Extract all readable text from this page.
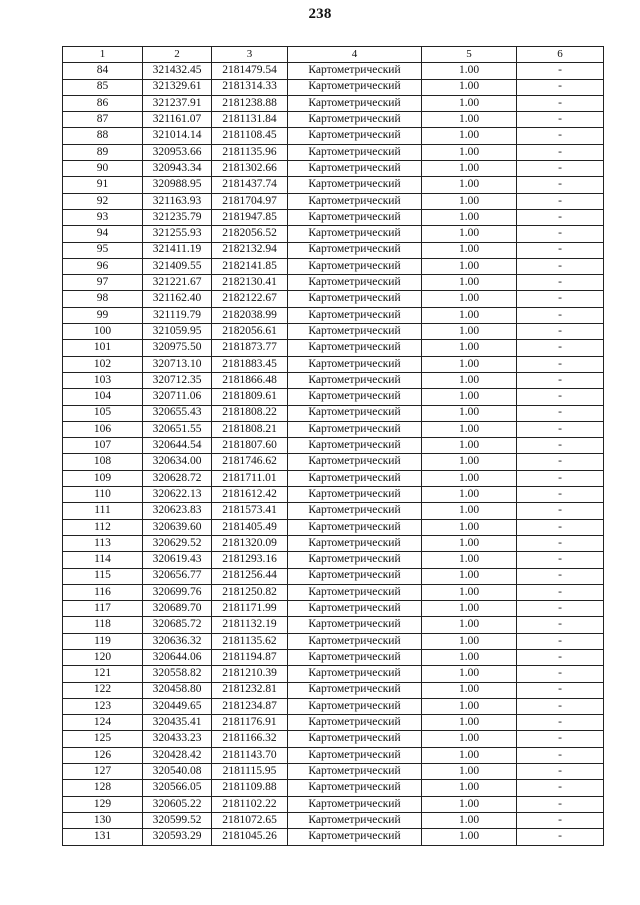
238
1	2	3	4	5	6
84	321432.45	2181479.54	Картометрический	1.00	-
85	321329.61	2181314.33	Картометрический	1.00	-
86	321237.91	2181238.88	Картометрический	1.00	-
87	321161.07	2181131.84	Картометрический	1.00	-
88	321014.14	2181108.45	Картометрический	1.00	-
89	320953.66	2181135.96	Картометрический	1.00	-
90	320943.34	2181302.66	Картометрический	1.00	-
91	320988.95	2181437.74	Картометрический	1.00	-
92	321163.93	2181704.97	Картометрический	1.00	-
93	321235.79	2181947.85	Картометрический	1.00	-
94	321255.93	2182056.52	Картометрический	1.00	-
95	321411.19	2182132.94	Картометрический	1.00	-
96	321409.55	2182141.85	Картометрический	1.00	-
97	321221.67	2182130.41	Картометрический	1.00	-
98	321162.40	2182122.67	Картометрический	1.00	-
99	321119.79	2182038.99	Картометрический	1.00	-
100	321059.95	2182056.61	Картометрический	1.00	-
101	320975.50	2181873.77	Картометрический	1.00	-
102	320713.10	2181883.45	Картометрический	1.00	-
103	320712.35	2181866.48	Картометрический	1.00	-
104	320711.06	2181809.61	Картометрический	1.00	-
105	320655.43	2181808.22	Картометрический	1.00	-
106	320651.55	2181808.21	Картометрический	1.00	-
107	320644.54	2181807.60	Картометрический	1.00	-
108	320634.00	2181746.62	Картометрический	1.00	-
109	320628.72	2181711.01	Картометрический	1.00	-
110	320622.13	2181612.42	Картометрический	1.00	-
111	320623.83	2181573.41	Картометрический	1.00	-
112	320639.60	2181405.49	Картометрический	1.00	-
113	320629.52	2181320.09	Картометрический	1.00	-
114	320619.43	2181293.16	Картометрический	1.00	-
115	320656.77	2181256.44	Картометрический	1.00	-
116	320699.76	2181250.82	Картометрический	1.00	-
117	320689.70	2181171.99	Картометрический	1.00	-
118	320685.72	2181132.19	Картометрический	1.00	-
119	320636.32	2181135.62	Картометрический	1.00	-
120	320644.06	2181194.87	Картометрический	1.00	-
121	320558.82	2181210.39	Картометрический	1.00	-
122	320458.80	2181232.81	Картометрический	1.00	-
123	320449.65	2181234.87	Картометрический	1.00	-
124	320435.41	2181176.91	Картометрический	1.00	-
125	320433.23	2181166.32	Картометрический	1.00	-
126	320428.42	2181143.70	Картометрический	1.00	-
127	320540.08	2181115.95	Картометрический	1.00	-
128	320566.05	2181109.88	Картометрический	1.00	-
129	320605.22	2181102.22	Картометрический	1.00	-
130	320599.52	2181072.65	Картометрический	1.00	-
131	320593.29	2181045.26	Картометрический	1.00	-
